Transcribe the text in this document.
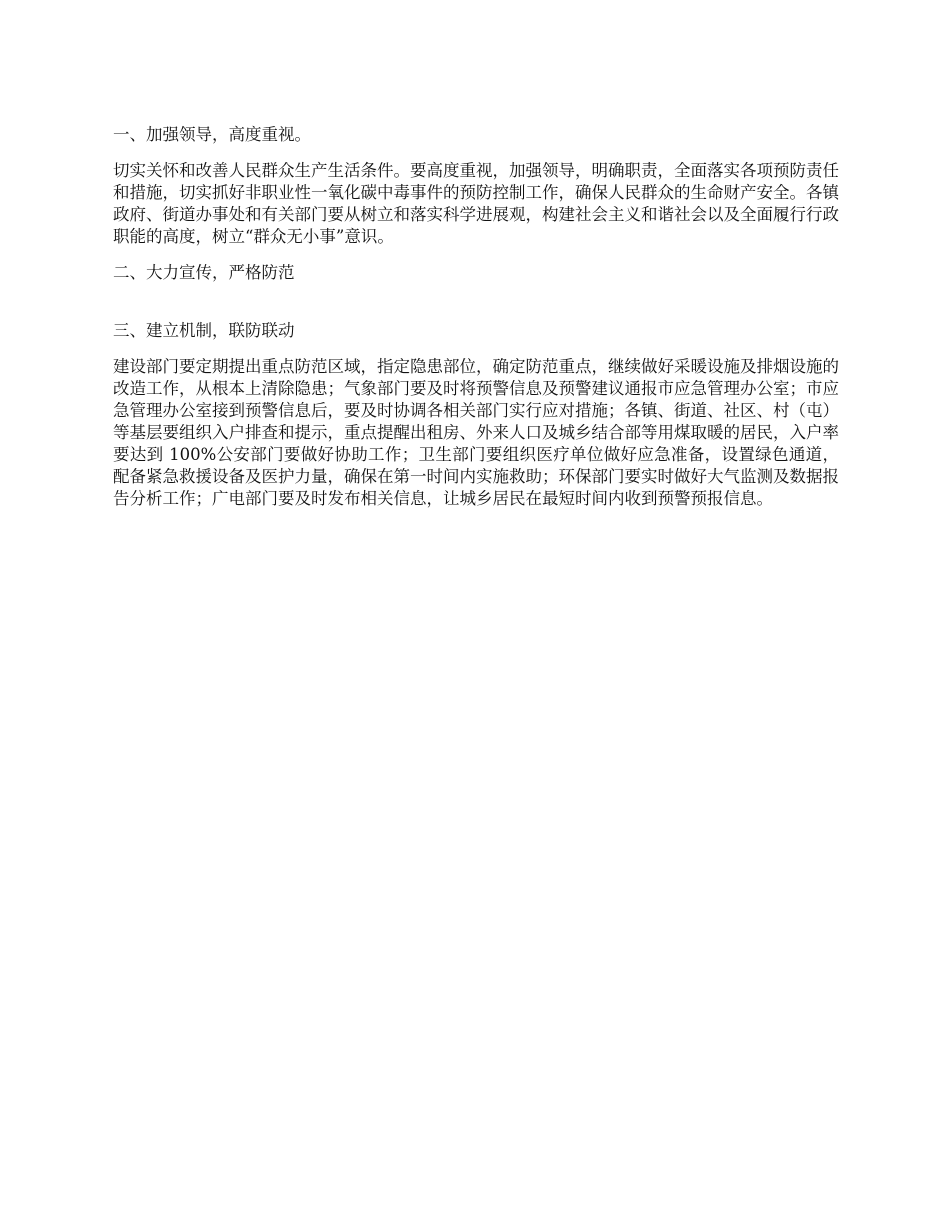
一、加强领导，高度重视。

切实关怀和改善人民群众生产生活条件。要高度重视，加强领导，明确职责，全面落实各项预防责任和措施，切实抓好非职业性一氧化碳中毒事件的预防控制工作，确保人民群众的生命财产安全。各镇政府、街道办事处和有关部门要从树立和落实科学进展观，构建社会主义和谐社会以及全面履行行政职能的高度，树立“群众无小事”意识。

二、大力宣传，严格防范

三、建立机制，联防联动

建设部门要定期提出重点防范区域，指定隐患部位，确定防范重点，继续做好采暖设施及排烟设施的改造工作，从根本上清除隐患；气象部门要及时将预警信息及预警建议通报市应急管理办公室；市应急管理办公室接到预警信息后，要及时协调各相关部门实行应对措施；各镇、街道、社区、村（屯）等基层要组织入户排查和提示，重点提醒出租房、外来人口及城乡结合部等用煤取暖的居民，入户率要达到 100%公安部门要做好协助工作；卫生部门要组织医疗单位做好应急准备，设置绿色通道，配备紧急救援设备及医护力量，确保在第一时间内实施救助；环保部门要实时做好大气监测及数据报告分析工作；广电部门要及时发布相关信息，让城乡居民在最短时间内收到预警预报信息。
